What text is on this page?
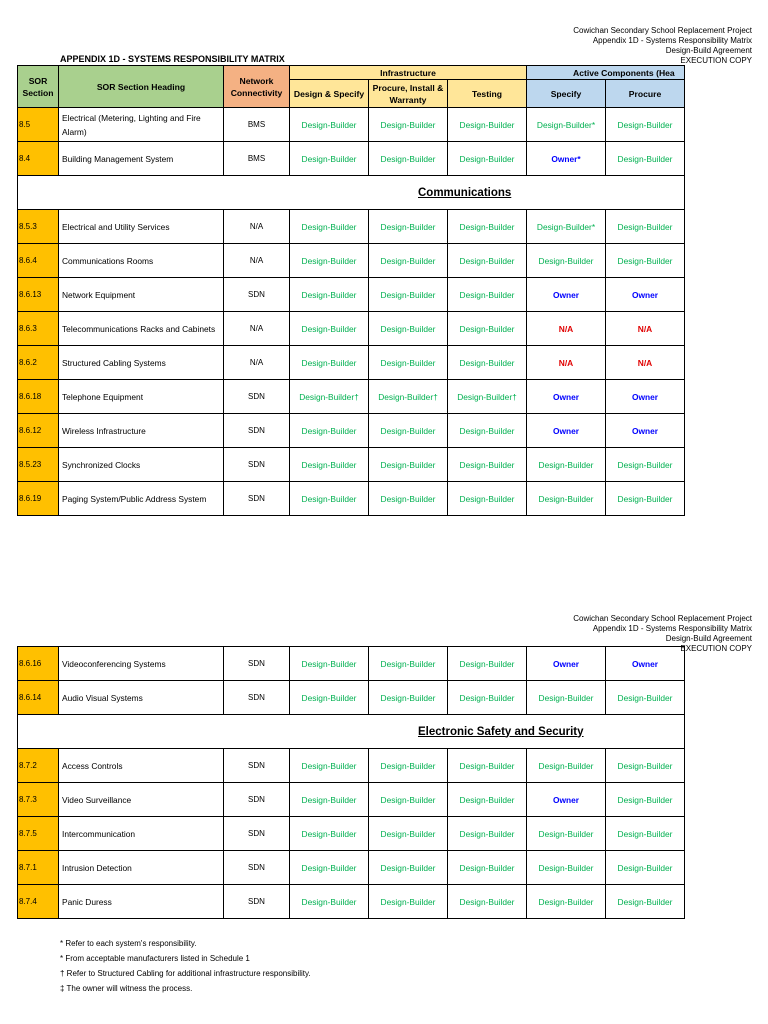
Cowichan Secondary School Replacement Project
Appendix 1D - Systems Responsibility Matrix
Design-Build Agreement
EXECUTION COPY
APPENDIX 1D - SYSTEMS RESPONSIBILITY MATRIX
SOR Section	SOR Section Heading	Network Connectivity	Infrastructure			Active Components (Hea	
			Design & Specify	Procure, Install & Warranty	Testing	Specify	Procure
8.5	Electrical (Metering, Lighting and Fire Alarm)	BMS	Design-Builder	Design-Builder	Design-Builder	Design-Builder*	Design-Builder
8.4	Building Management System	BMS	Design-Builder	Design-Builder	Design-Builder	Owner*	Design-Builder
Communications							
8.5.3	Electrical and Utility Services	N/A	Design-Builder	Design-Builder	Design-Builder	Design-Builder*	Design-Builder
8.6.4	Communications Rooms	N/A	Design-Builder	Design-Builder	Design-Builder	Design-Builder	Design-Builder
8.6.13	Network Equipment	SDN	Design-Builder	Design-Builder	Design-Builder	Owner	Owner
8.6.3	Telecommunications Racks and Cabinets	N/A	Design-Builder	Design-Builder	Design-Builder	N/A	N/A
8.6.2	Structured Cabling Systems	N/A	Design-Builder	Design-Builder	Design-Builder	N/A	N/A
8.6.18	Telephone Equipment	SDN	Design-Builder†	Design-Builder†	Design-Builder†	Owner	Owner
8.6.12	Wireless Infrastructure	SDN	Design-Builder	Design-Builder	Design-Builder	Owner	Owner
8.5.23	Synchronized Clocks	SDN	Design-Builder	Design-Builder	Design-Builder	Design-Builder	Design-Builder
8.6.19	Paging System/Public Address System	SDN	Design-Builder	Design-Builder	Design-Builder	Design-Builder	Design-Builder
Cowichan Secondary School Replacement Project
Appendix 1D - Systems Responsibility Matrix
Design-Build Agreement
EXECUTION COPY
8.6.16	Videoconferencing Systems	SDN	Design-Builder	Design-Builder	Design-Builder	Owner	Owner
8.6.14	Audio Visual Systems	SDN	Design-Builder	Design-Builder	Design-Builder	Design-Builder	Design-Builder
Electronic Safety and Security							
8.7.2	Access Controls	SDN	Design-Builder	Design-Builder	Design-Builder	Design-Builder	Design-Builder
8.7.3	Video Surveillance	SDN	Design-Builder	Design-Builder	Design-Builder	Owner	Design-Builder
8.7.5	Intercommunication	SDN	Design-Builder	Design-Builder	Design-Builder	Design-Builder	Design-Builder
8.7.1	Intrusion Detection	SDN	Design-Builder	Design-Builder	Design-Builder	Design-Builder	Design-Builder
8.7.4	Panic Duress	SDN	Design-Builder	Design-Builder	Design-Builder	Design-Builder	Design-Builder
* Refer to each system's responsibility.
* From acceptable manufacturers listed in Schedule 1
† Refer to Structured Cabling for additional infrastructure responsibility.
‡ The owner will witness the process.
